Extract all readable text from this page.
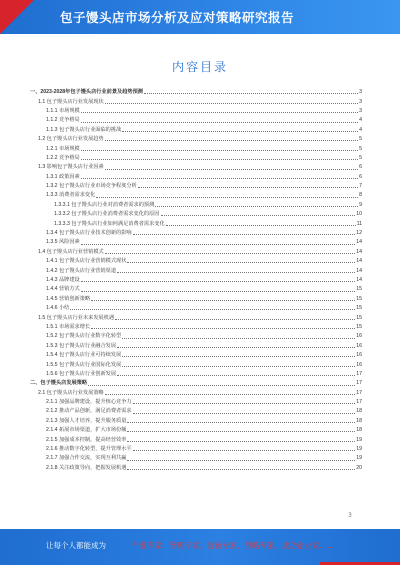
包子馒头店市场分析及应对策略研究报告
内容目录
一、2023-2028年包子馒头店行业前景及趋势预测	3
1.1 包子馒头店行业发展现状	3
1.1.1 市场规模	3
1.1.2 竞争格局	4
1.1.3 包子馒头店行业面临的挑战	4
1.2 包子馒头店行业发展趋势	5
1.2.1 市场规模	5
1.2.2 竞争格局	5
1.3 影响包子馒头店行业因素	6
1.3.1 政策因素	6
1.3.2 包子馒头店行业市场竞争程度分析	7
1.3.3 消费者需求变化	8
1.3.3.1 包子馒头店行业对消费者需求的预测	9
1.3.3.2 包子馒头店行业消费者需求变化的原因	10
1.3.3.3 包子馒头店行业如何满足消费者需求变化	11
1.3.4 包子馒头店行业技术创新的影响	12
1.3.5 风险因素	14
1.4 包子馒头店行业营销模式	14
1.4.1 包子馒头店行业营销模式现状	14
1.4.2 包子馒头店行业营销渠道	14
1.4.3 品牌建设	14
1.4.4 营销方式	15
1.4.5 营销创新策略	15
1.4.6 小结	15
1.5 包子馒头店行业未来发展机遇	15
1.5.1 市场需求增长	15
1.5.2 包子馒头店行业数字化转型	16
1.5.3 包子馒头店行业融合发展	16
1.5.4 包子馒头店行业可持续发展	16
1.5.5 包子馒头店行业国际化发展	16
1.5.6 包子馒头店行业创新发展	17
二、包子馒头店发展策略	17
2.1 包子馒头店行业发展策略	17
2.1.1 加强品牌建设，提升核心竞争力	17
2.1.2 推动产品创新，满足消费者需求	18
2.1.3 加强人才培养，提升服务质量	18
2.1.4 拓展市场渠道，扩大市场份额	18
2.1.5 加强成本控制，提高经营效率	19
2.1.6 推动数字化转型，提升管理水平	19
2.1.7 加强合作交流，实现互利共赢	19
2.1.8 关注政策导向，把握发展机遇	20
3
让每个人都能成为	行业专家、管理专家、营销专家、战略专家、成功企业家……
